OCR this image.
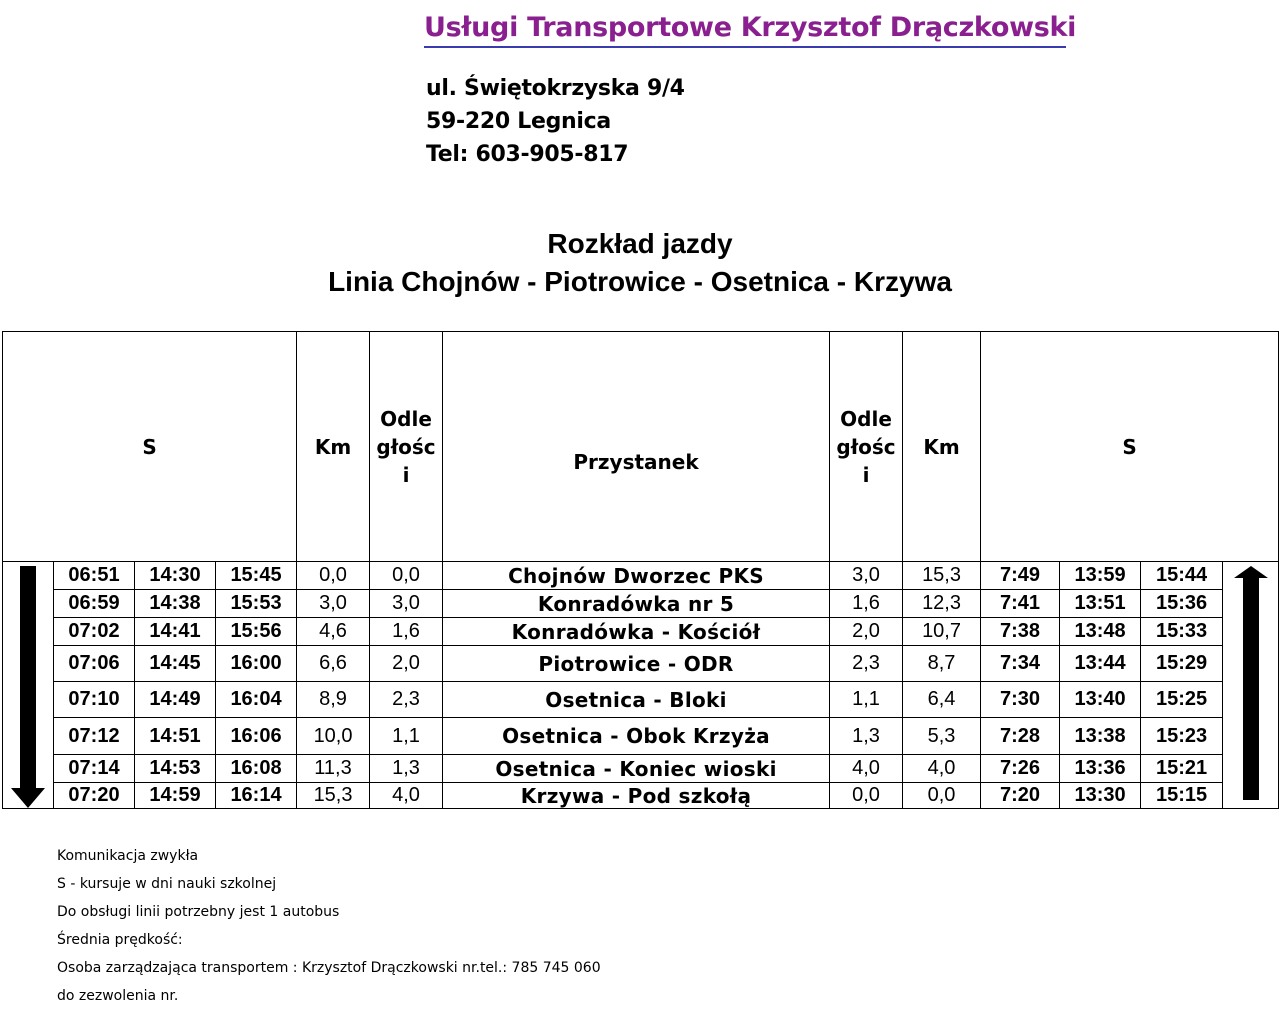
Usługi Transportowe Krzysztof Drączkowski
ul. Świętokrzyska 9/4
59-220 Legnica
Tel: 603-905-817
Rozkład jazdy
Linia Chojnów - Piotrowice - Osetnica - Krzywa
S				Km	Odle głośc i	Przystanek	Odle głośc i	Km	S			

	06:51	14:30	15:45	0,0	0,0	Chojnów Dworzec PKS	3,0	15,3	7:49	13:59	15:44	

	06:59	14:38	15:53	3,0	3,0	Konradówka nr 5	1,6	12,3	7:41	13:51	15:36	
	07:02	14:41	15:56	4,6	1,6	Konradówka - Kościół	2,0	10,7	7:38	13:48	15:33	
	07:06	14:45	16:00	6,6	2,0	Piotrowice - ODR	2,3	8,7	7:34	13:44	15:29	
	07:10	14:49	16:04	8,9	2,3	Osetnica - Bloki	1,1	6,4	7:30	13:40	15:25	
	07:12	14:51	16:06	10,0	1,1	Osetnica - Obok Krzyża	1,3	5,3	7:28	13:38	15:23	
	07:14	14:53	16:08	11,3	1,3	Osetnica - Koniec wioski	4,0	4,0	7:26	13:36	15:21	
	07:20	14:59	16:14	15,3	4,0	Krzywa - Pod szkołą	0,0	0,0	7:20	13:30	15:15	
Komunikacja zwykła
S - kursuje w dni nauki szkolnej
Do obsługi linii potrzebny jest 1 autobus
Średnia prędkość:
Osoba zarządzająca transportem : Krzysztof Drączkowski nr.tel.: 785 745 060
do zezwolenia nr.
